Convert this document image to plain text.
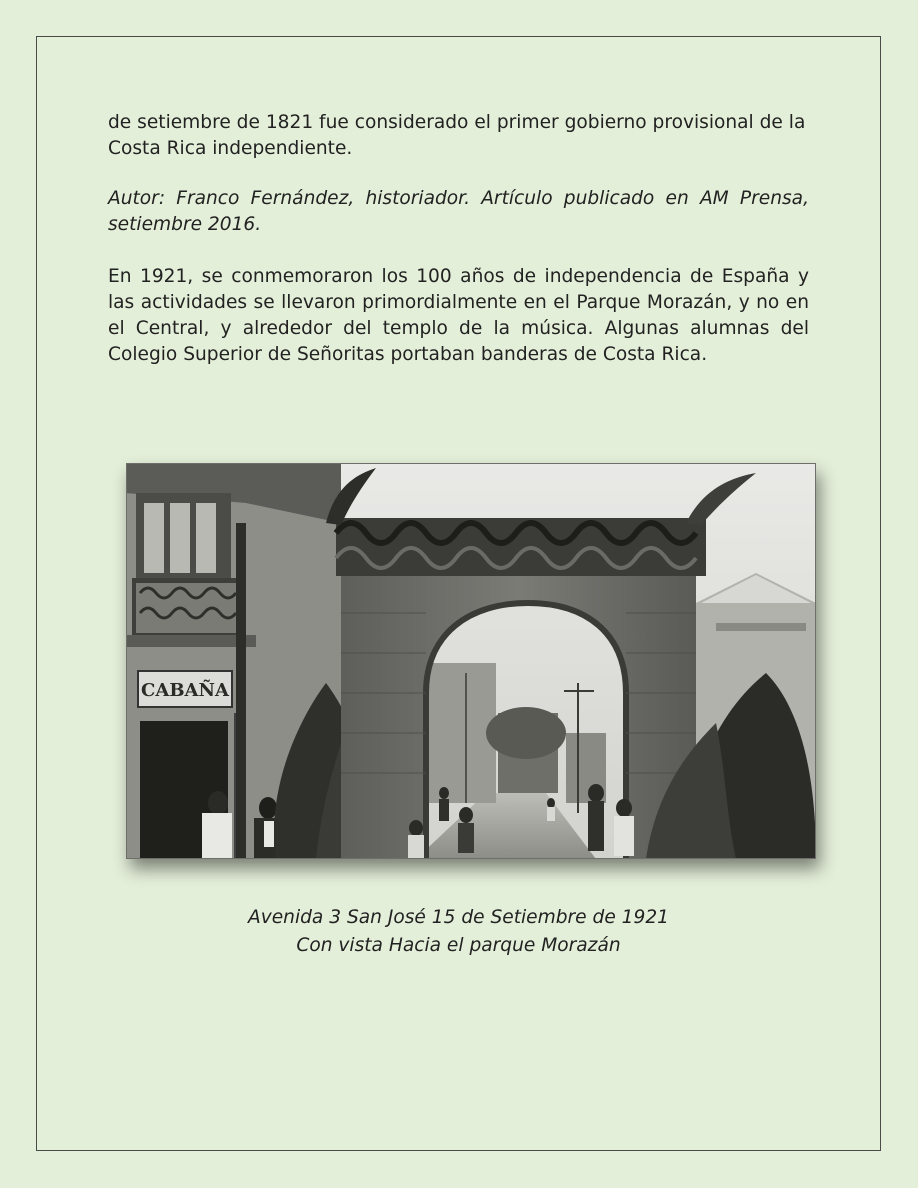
de setiembre de 1821 fue considerado el primer gobierno provisional de la Costa Rica independiente.

Autor: Franco Fernández, historiador. Artículo publicado en AM Prensa, setiembre 2016.

En 1921, se conmemoraron los 100 años de independencia de España y las actividades se llevaron primordialmente en el Parque Morazán, y no en el Central, y alrededor del templo de la música. Algunas alumnas del Colegio Superior de Señoritas portaban banderas de Costa Rica.

CABAÑA

Avenida 3 San José 15 de Setiembre de 1921
Con vista Hacia el parque Morazán
